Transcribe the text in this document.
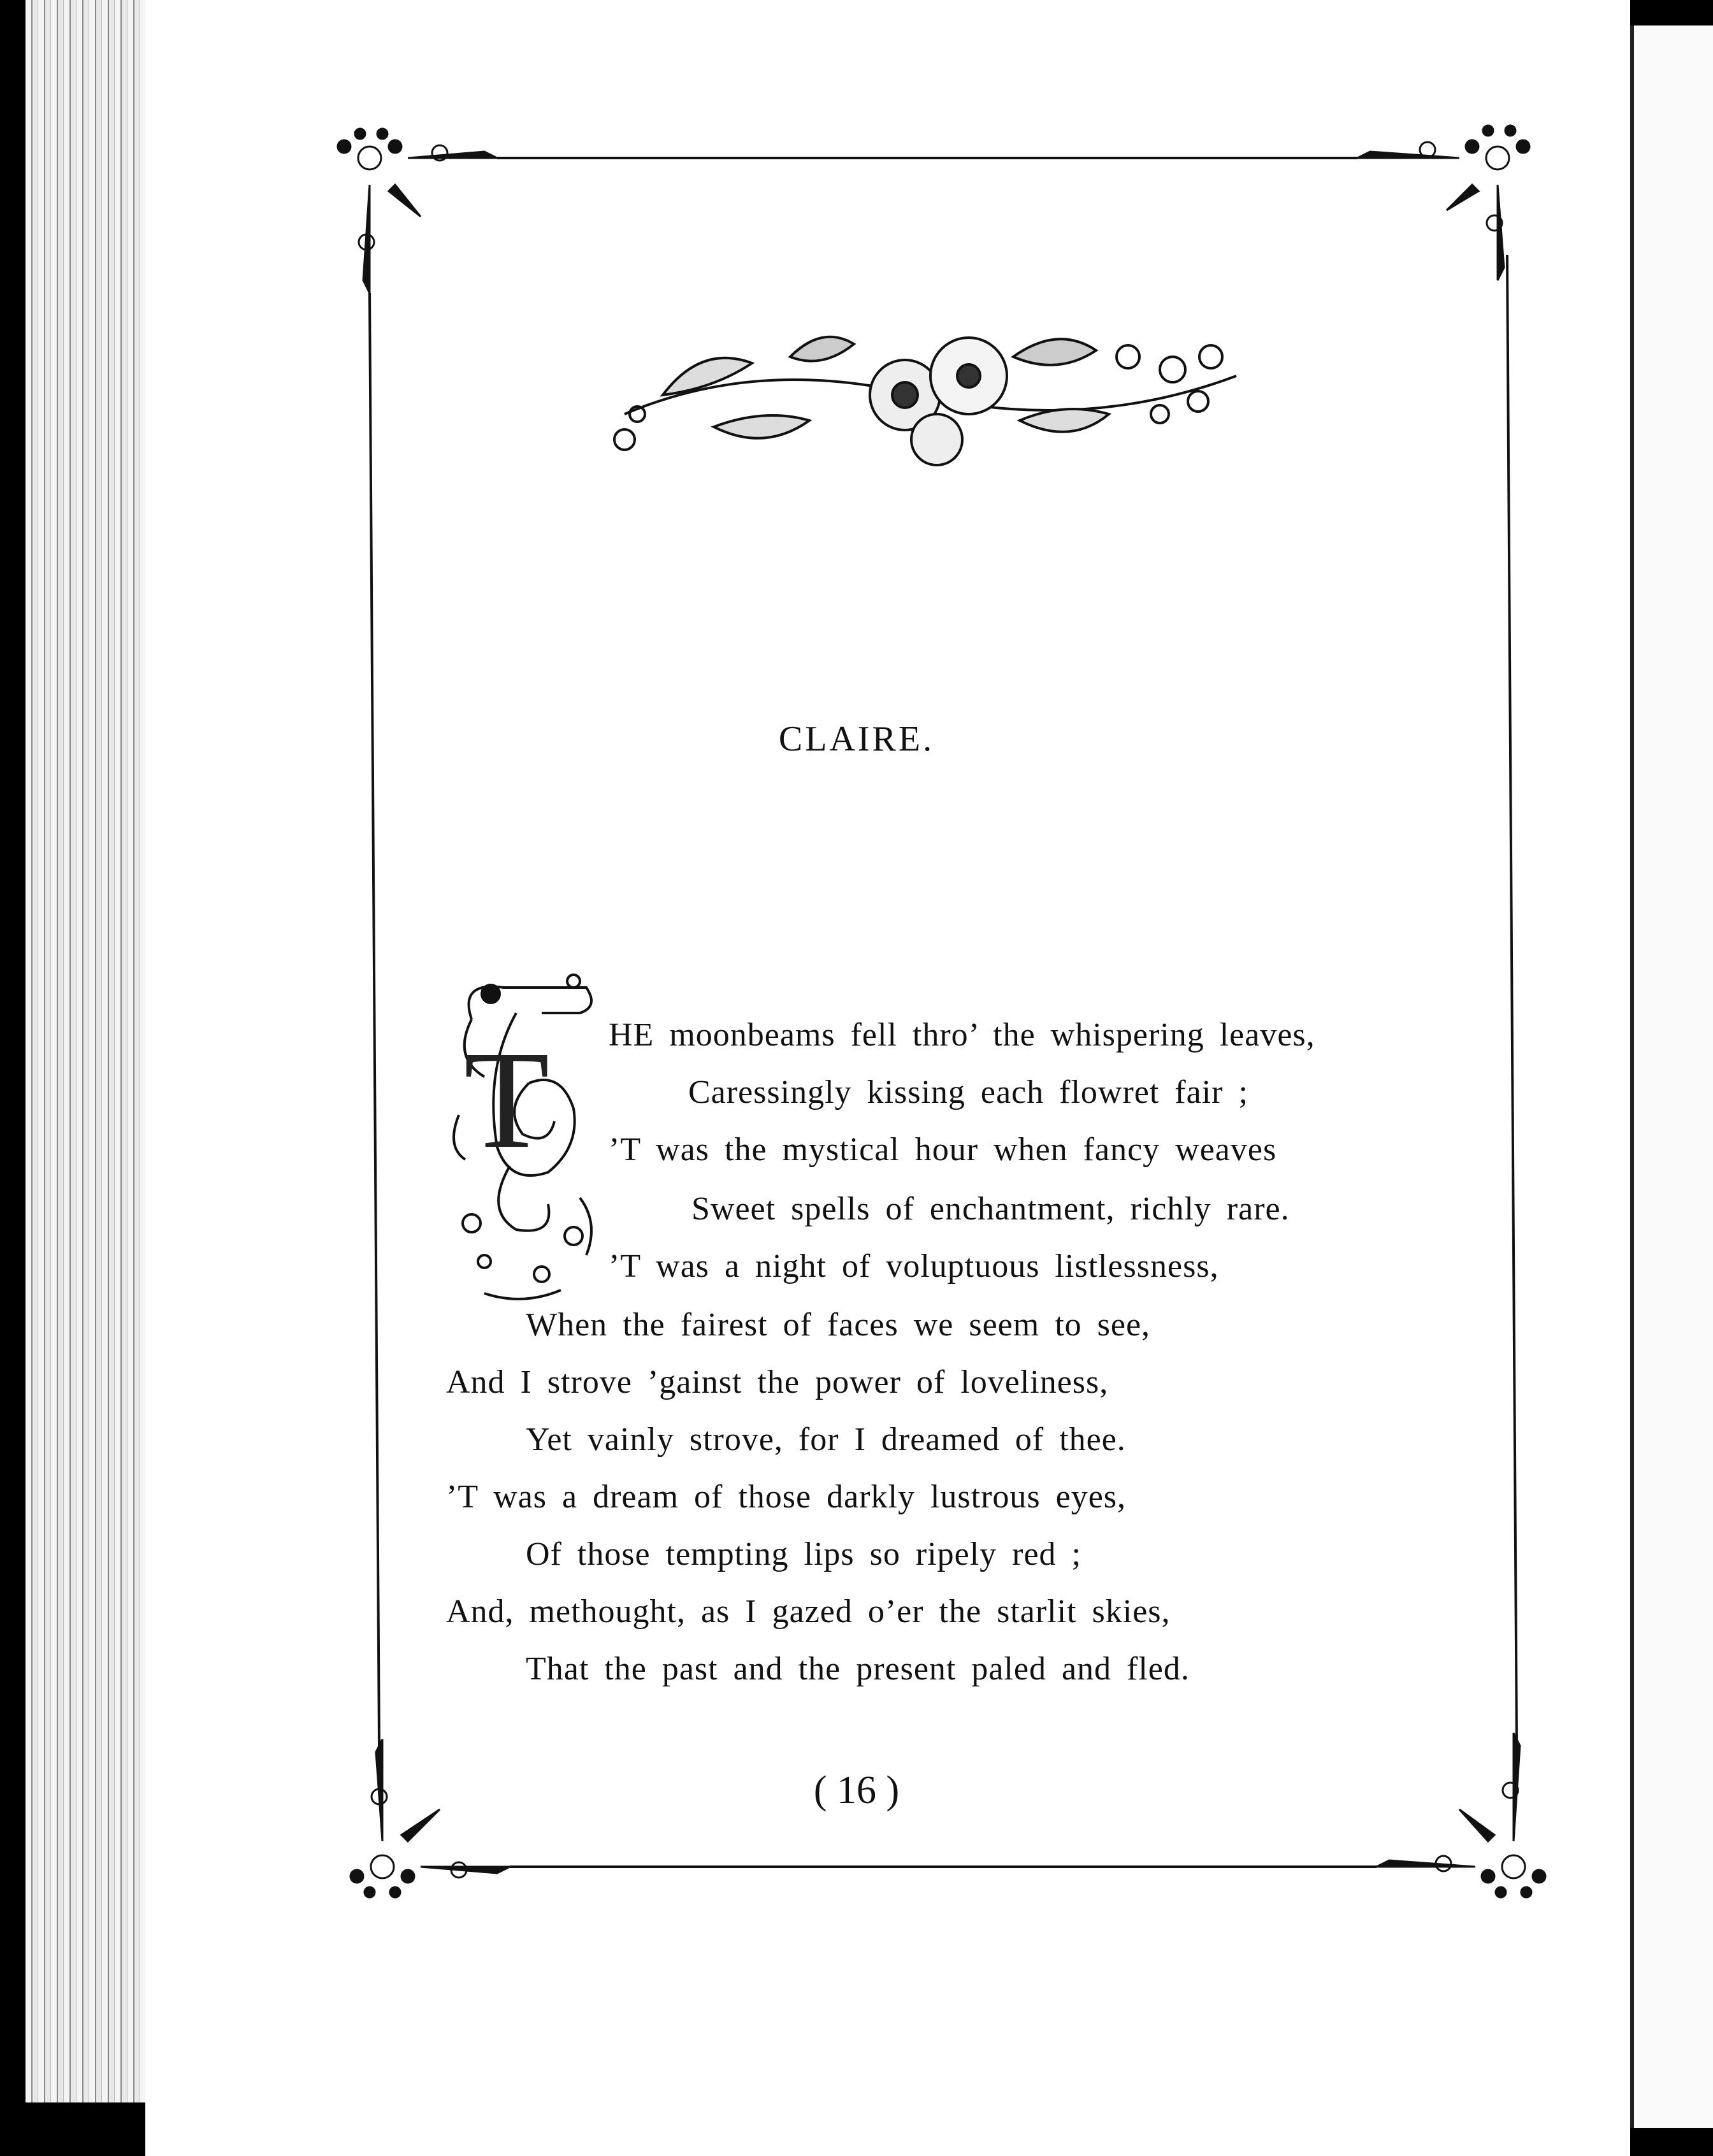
CLAIRE.
T HE moonbeams fell thro’ the whispering leaves,
Caressingly kissing each flowret fair ;
’T was the mystical hour when fancy weaves
Sweet spells of enchantment, richly rare.
’T was a night of voluptuous listlessness,
When the fairest of faces we seem to see,
And I strove ’gainst the power of loveliness,
Yet vainly strove, for I dreamed of thee.
’T was a dream of those darkly lustrous eyes,
Of those tempting lips so ripely red ;
And, methought, as I gazed o’er the starlit skies,
That the past and the present paled and fled.
( 16 )
